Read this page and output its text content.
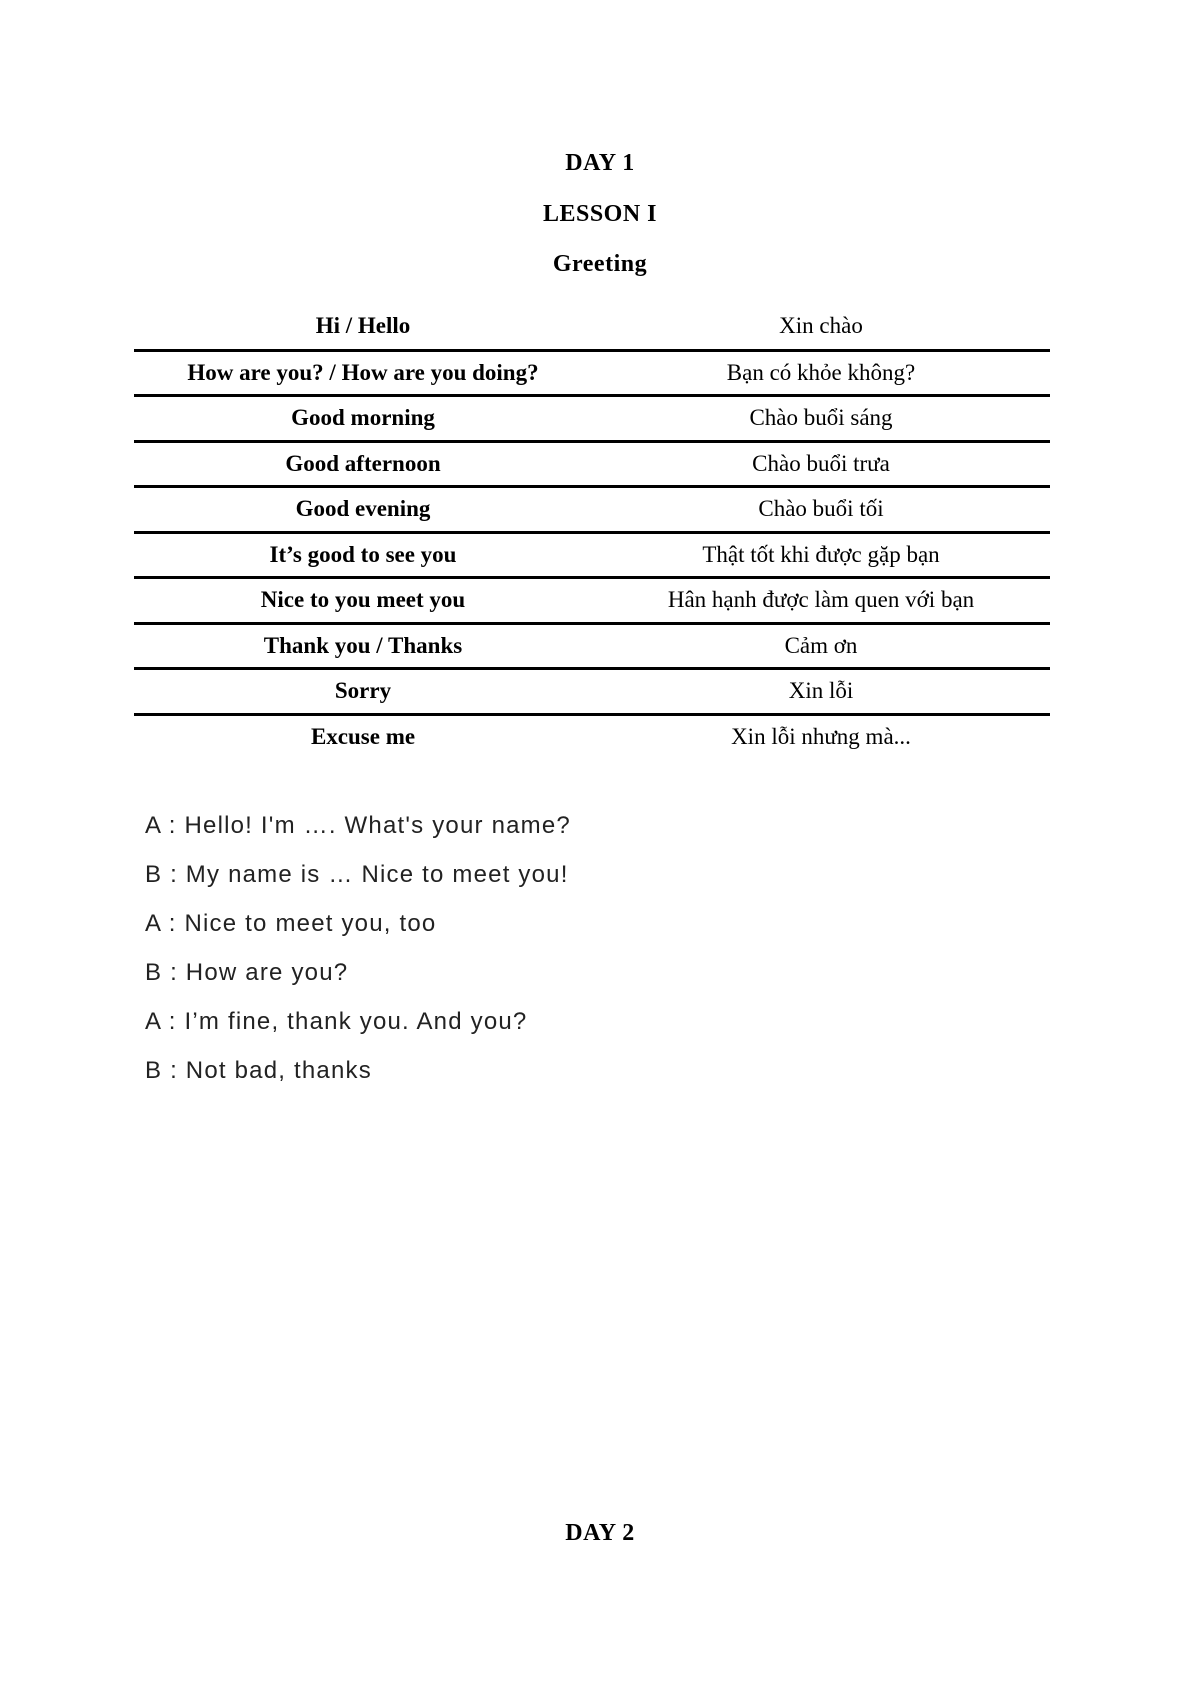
DAY 1
LESSON I
Greeting
Hi / Hello	Xin chào
How are you? / How are you doing?	Bạn có khỏe không?
Good morning	Chào buổi sáng
Good afternoon	Chào buổi trưa
Good evening	Chào buổi tối
It’s good to see you	Thật tốt khi được gặp bạn
Nice to you meet you	Hân hạnh được làm quen với bạn
Thank you / Thanks	Cảm ơn
Sorry	Xin lỗi
Excuse me	Xin lỗi nhưng mà...
A : Hello! I'm …. What's your name?
B : My name is … Nice to meet you!
A : Nice to meet you, too
B : How are you?
A : I’m fine, thank you. And you?
B : Not bad, thanks
DAY 2
